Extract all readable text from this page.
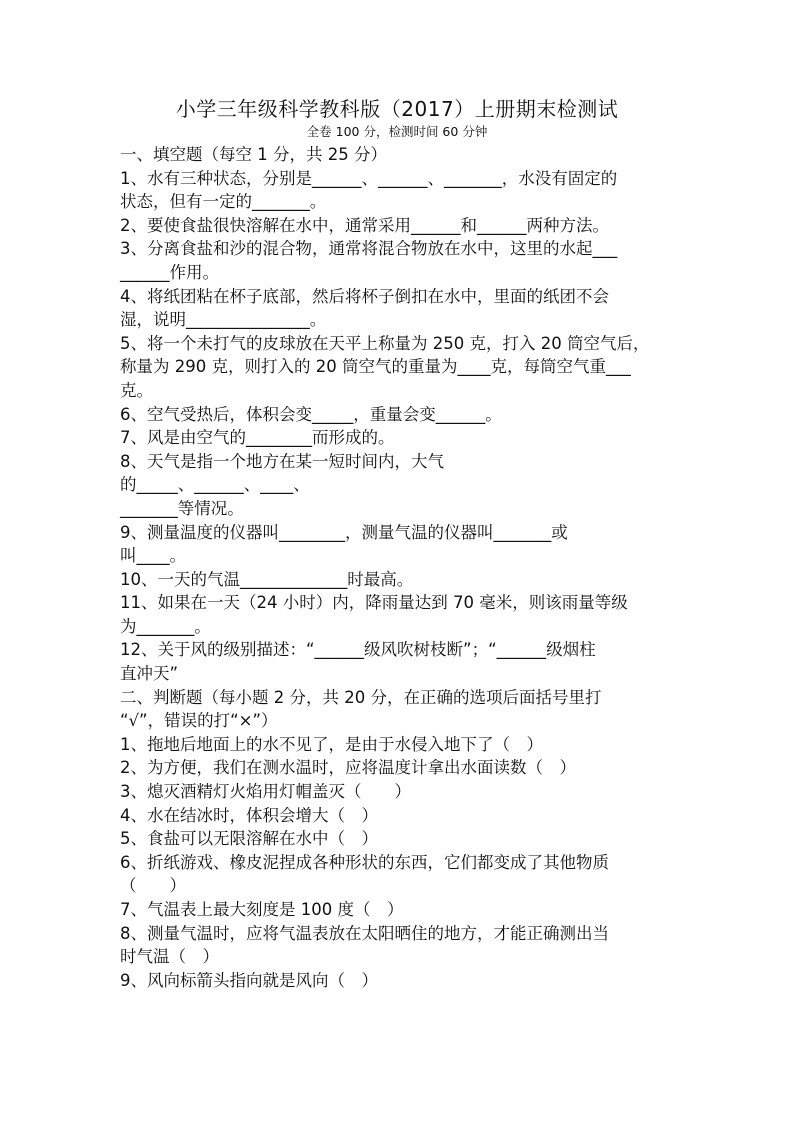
小学三年级科学教科版（2017）上册期末检测试
全卷 100 分，检测时间 60 分钟
一、填空题（每空 1 分，共 25 分）
1、水有三种状态，分别是______、______、_______，水没有固定的
状态，但有一定的_______。
2、要使食盐很快溶解在水中，通常采用______和______两种方法。
3、分离食盐和沙的混合物，通常将混合物放在水中，这里的水起___
______作用。
4、将纸团粘在杯子底部，然后将杯子倒扣在水中，里面的纸团不会
湿，说明_______________。
5、将一个未打气的皮球放在天平上称量为 250 克，打入 20 筒空气后，
称量为 290 克，则打入的 20 筒空气的重量为____克，每筒空气重___
克。
6、空气受热后，体积会变_____，重量会变______。
7、风是由空气的________而形成的。
8、天气是指一个地方在某一短时间内，大气
的_____、______、____、
_______等情况。
9、测量温度的仪器叫________，测量气温的仪器叫_______或
叫____。
10、一天的气温_____________时最高。
11、如果在一天（24 小时）内，降雨量达到 70 毫米，则该雨量等级
为_______。
12、关于风的级别描述：“______级风吹树枝断”；“______级烟柱
直冲天”
二、判断题（每小题 2 分，共 20 分，在正确的选项后面括号里打
“√”，错误的打“×”）
1、拖地后地面上的水不见了，是由于水侵入地下了（　）
2、为方便，我们在测水温时，应将温度计拿出水面读数（　）
3、熄灭酒精灯火焰用灯帽盖灭（　　）
4、水在结冰时，体积会增大（　）
5、食盐可以无限溶解在水中（　）
6、折纸游戏、橡皮泥捏成各种形状的东西，它们都变成了其他物质
（　　）
7、气温表上最大刻度是 100 度（　）
8、测量气温时，应将气温表放在太阳晒住的地方，才能正确测出当
时气温（　）
9、风向标箭头指向就是风向（　）
